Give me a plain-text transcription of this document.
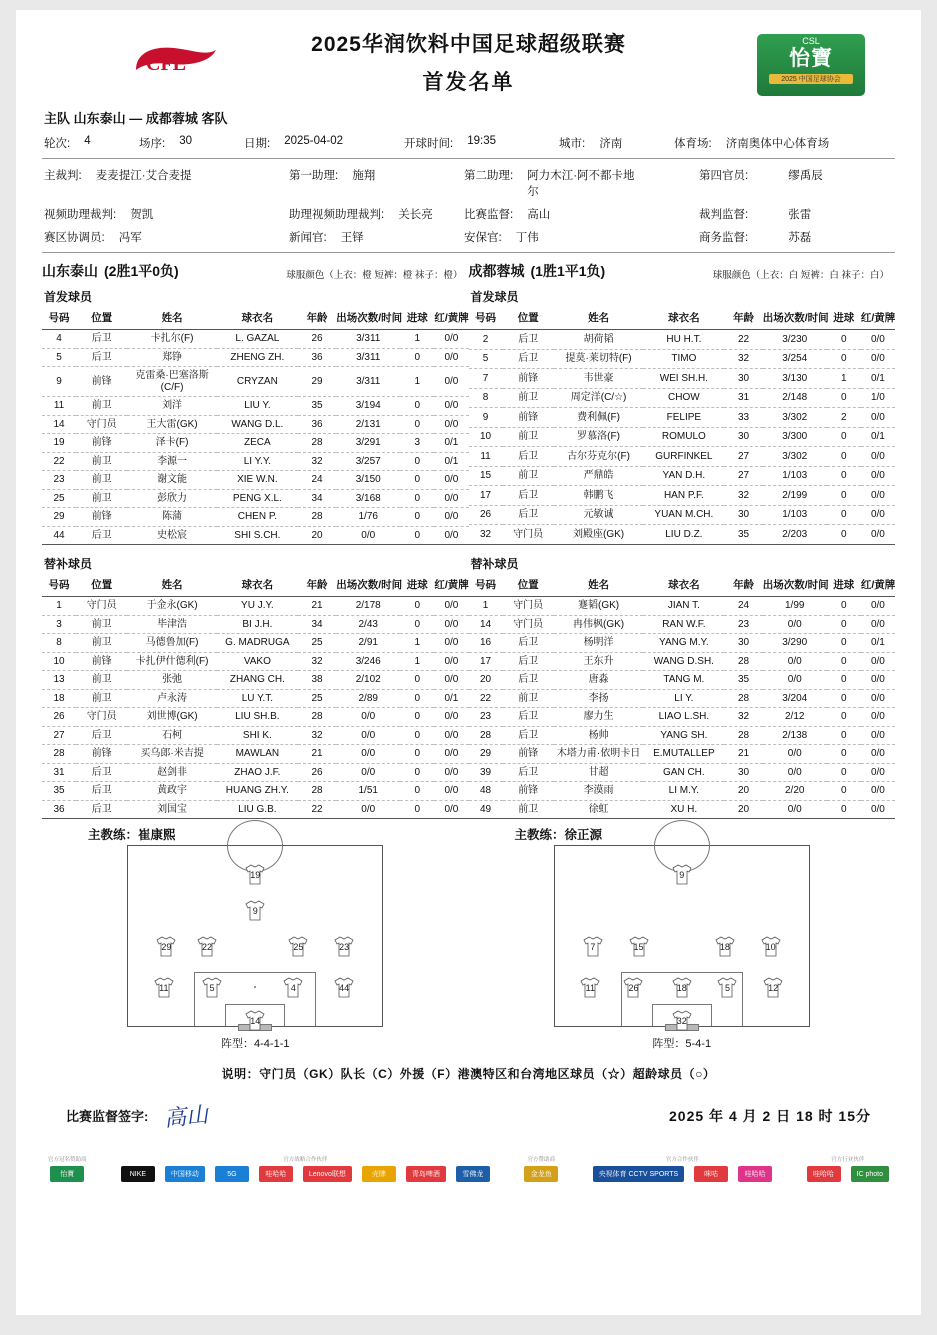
CFL
2025华润饮料中国足球超级联赛
首发名单
CSL
怡寶
2025 中国足球协会
主队 山东泰山 — 成都蓉城 客队
轮次: 4	场序: 30	日期: 2025-04-02	开球时间: 19:35	城市: 济南	体育场: 济南奥体中心体育场
主裁判: 麦麦提江·艾合麦提	第一助理: 施翔	第二助理: 阿力木江·阿不都卡地尔
第四官员:	缪禹辰
视频助理裁判: 贺凯	助理视频助理裁判: 关长亮	比赛监督: 高山	裁判监督:	张雷
赛区协调员: 冯军	新闻官: 王铎	安保官: 丁伟	商务监督:	苏磊
山东泰山 (2胜1平0负)	球服颜色（上衣：橙 短裤：橙 袜子：橙） 成都蓉城 (1胜1平1负)	球服颜色（上衣：白 短裤：白 袜子：白）
首发球员	首发球员
号码	位置	姓名	球衣名	年龄	出场次数/时间	进球	红/黄牌
4	后卫	卡扎尔(F)	L. GAZAL	26	3/311	1	0/0
5	后卫	郑铮	ZHENG ZH.	36	3/311	0	0/0
9	前锋	克雷桑·巴塞洛斯(C/F)	CRYZAN	29	3/311	1	0/0
11	前卫	刘洋	LIU Y.	35	3/194	0	0/0
14	守门员	王大雷(GK)	WANG D.L.	36	2/131	0	0/0
19	前锋	泽卡(F)	ZECA	28	3/291	3	0/1
22	前卫	李源一	LI Y.Y.	32	3/257	0	0/1
23	前卫	谢文能	XIE W.N.	24	3/150	0	0/0
25	前卫	彭欣力	PENG X.L.	34	3/168	0	0/0
29	前锋	陈蒲	CHEN P.	28	1/76	0	0/0
44	后卫	史松宸	SHI S.CH.	20	0/0	0	0/0
号码	位置	姓名	球衣名	年龄	出场次数/时间	进球	红/黄牌
2	后卫	胡荷韬	HU H.T.	22	3/230	0	0/0
5	后卫	提莫·莱切特(F)	TIMO	32	3/254	0	0/0
7	前锋	韦世豪	WEI SH.H.	30	3/130	1	0/1
8	前卫	周定洋(C/☆)	CHOW	31	2/148	0	1/0
9	前锋	费利佩(F)	FELIPE	33	3/302	2	0/0
10	前卫	罗慕洛(F)	ROMULO	30	3/300	0	0/1
11	后卫	古尔芬克尔(F)	GURFINKEL	27	3/302	0	0/0
15	前卫	严鼎皓	YAN D.H.	27	1/103	0	0/0
17	后卫	韩鹏飞	HAN P.F.	32	2/199	0	0/0
26	后卫	元敏诚	YUAN M.CH.	30	1/103	0	0/0
32	守门员	刘殿座(GK)	LIU D.Z.	35	2/203	0	0/0
替补球员	替补球员
号码	位置	姓名	球衣名	年龄	出场次数/时间	进球	红/黄牌
1	守门员	于金永(GK)	YU J.Y.	21	2/178	0	0/0
3	前卫	毕津浩	BI J.H.	34	2/43	0	0/0
8	前卫	马德鲁加(F)	G. MADRUGA	25	2/91	1	0/0
10	前锋	卡扎伊什德利(F)	VAKO	32	3/246	1	0/0
13	前卫	张弛	ZHANG CH.	38	2/102	0	0/0
18	前卫	卢永涛	LU Y.T.	25	2/89	0	0/1
26	守门员	刘世博(GK)	LIU SH.B.	28	0/0	0	0/0
27	后卫	石柯	SHI K.	32	0/0	0	0/0
28	前锋	买乌郎·米吉提	MAWLAN	21	0/0	0	0/0
31	后卫	赵剑非	ZHAO J.F.	26	0/0	0	0/0
35	后卫	黄政宇	HUANG ZH.Y.	28	1/51	0	0/0
36	后卫	刘国宝	LIU G.B.	22	0/0	0	0/0
号码	位置	姓名	球衣名	年龄	出场次数/时间	进球	红/黄牌
1	守门员	蹇韬(GK)	JIAN T.	24	1/99	0	0/0
14	守门员	冉伟枫(GK)	RAN W.F.	23	0/0	0	0/0
16	后卫	杨明洋	YANG M.Y.	30	3/290	0	0/1
17	后卫	王东升	WANG D.SH.	28	0/0	0	0/0
20	后卫	唐淼	TANG M.	35	0/0	0	0/0
22	前卫	李扬	LI Y.	28	3/204	0	0/0
23	后卫	廖力生	LIAO L.SH.	32	2/12	0	0/0
28	后卫	杨帅	YANG SH.	28	2/138	0	0/0
29	前锋	木塔力甫·依明卡日	E.MUTALLEP	21	0/0	0	0/0
39	后卫	甘超	GAN CH.	30	0/0	0	0/0
48	前锋	李漠雨	LI M.Y.	20	2/20	0	0/0
49	前卫	徐虹	XU H.	20	0/0	0	0/0
主教练：崔康熙	主教练：徐正源
19
9
29	22	25	23
11	5	4	44
14
阵型：4-4-1-1
9
7	15	18	10
11	26	18	5	12
32
阵型：5-4-1
说明：守门员（GK）队长（C）外援（F）港澳特区和台湾地区球员（☆）超龄球员（○）
比赛监督签字: 高山	2025 年 4 月 2 日 18 时 15分
官方冠名赞助商
怡寶
官方战略合作伙伴
NIKE	中国移动	5G	哇哈哈	Lenovo联想	壳牌	青岛啤酒	雪佛龙
官方赞助商
金龙鱼
官方合作伙伴
央视体育 CCTV SPORTS	咪咕	哇哈哈
官方行业伙伴
哇哈哈	IC photo
